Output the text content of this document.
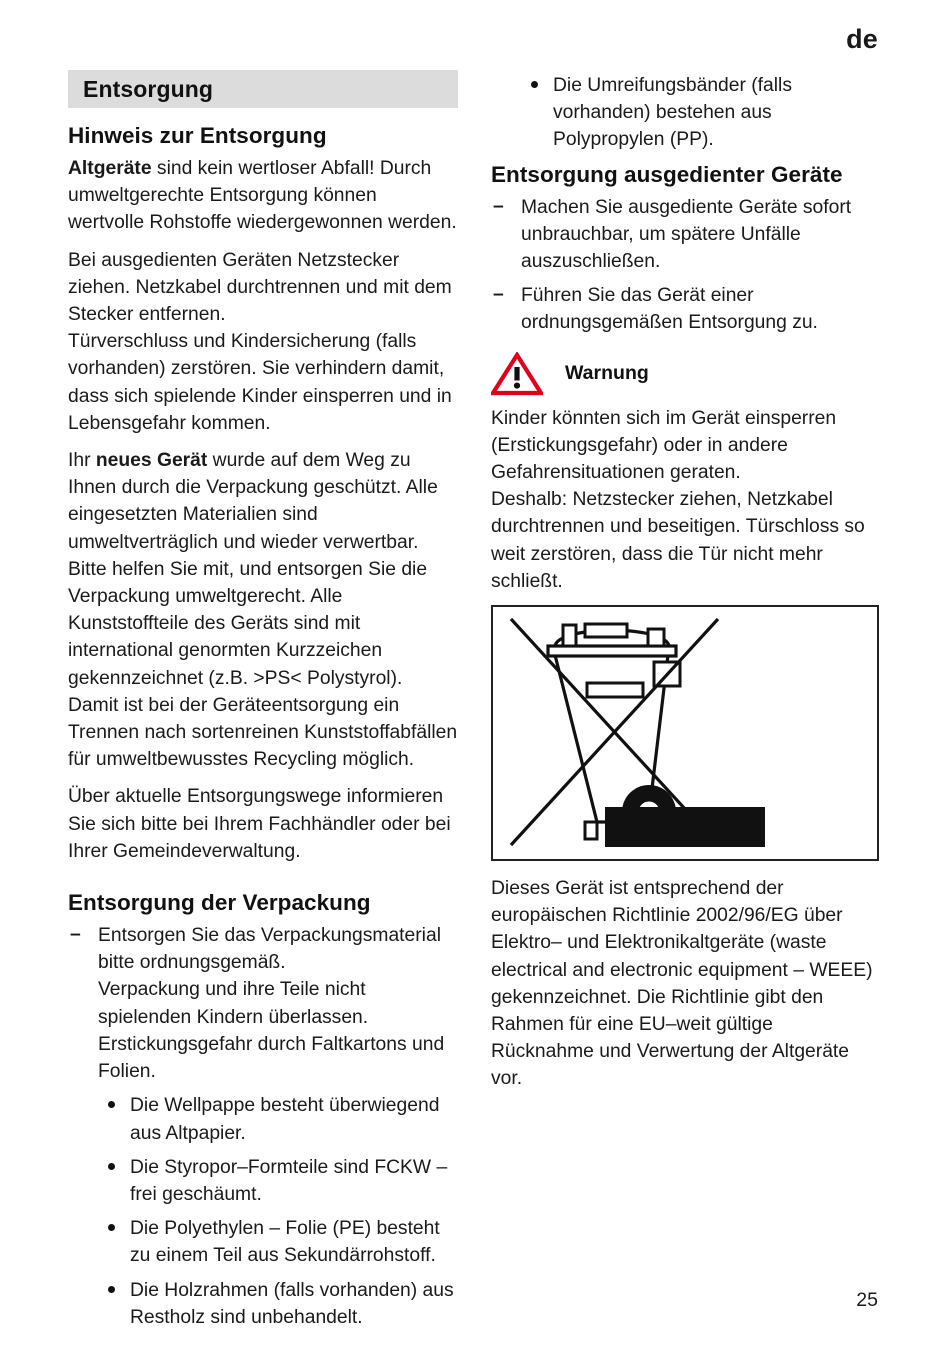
de
Entsorgung
Hinweis zur Entsorgung

Altgeräte sind kein wertloser Abfall! Durch umweltgerechte Entsorgung können wertvolle Rohstoffe wiedergewonnen werden.

Bei ausgedienten Geräten Netzstecker ziehen. Netzkabel durchtrennen und mit dem Stecker entfernen.

Türverschluss und Kindersicherung (falls vorhanden) zerstören. Sie verhindern damit, dass sich spielende Kinder einsperren und in Lebensgefahr kommen.

Ihr neues Gerät wurde auf dem Weg zu Ihnen durch die Verpackung geschützt. Alle eingesetzten Materialien sind umweltverträglich und wieder verwertbar. Bitte helfen Sie mit, und entsorgen Sie die Verpackung umweltgerecht. Alle Kunststoffteile des Geräts sind mit international genormten Kurzzeichen gekennzeichnet (z.B. >PS< Polystyrol). Damit ist bei der Geräteentsorgung ein Trennen nach sortenreinen Kunststoffabfällen für umweltbewusstes Recycling möglich.

Über aktuelle Entsorgungswege informieren Sie sich bitte bei Ihrem Fachhändler oder bei Ihrer Gemeindeverwaltung.

Entsorgung der Verpackung
– Entsorgen Sie das Verpackungsmaterial bitte ordnungsgemäß.
Verpackung und ihre Teile nicht spielenden Kindern überlassen. Erstickungsgefahr durch Faltkartons und Folien.
Die Wellpappe besteht überwiegend aus Altpapier.
Die Styropor–Formteile sind FCKW – frei geschäumt.
Die Polyethylen – Folie (PE) besteht zu einem Teil aus Sekundärrohstoff.
Die Holzrahmen (falls vorhanden) aus Restholz sind unbehandelt.
Die Umreifungsbänder (falls vorhanden) bestehen aus Polypropylen (PP).
Entsorgung ausgedienter Geräte
– Machen Sie ausgediente Geräte sofort unbrauchbar, um spätere Unfälle auszuschließen.
– Führen Sie das Gerät einer ordnungsgemäßen Entsorgung zu.
Warnung

Kinder könnten sich im Gerät einsperren (Erstickungsgefahr) oder in andere Gefahrensituationen geraten.

Deshalb: Netzstecker ziehen, Netzkabel durchtrennen und beseitigen. Türschloss so weit zerstören, dass die Tür nicht mehr schließt.

Dieses Gerät ist entsprechend der europäischen Richtlinie 2002/96/EG über Elektro– und Elektronikaltgeräte (waste electrical and electronic equipment – WEEE) gekennzeichnet. Die Richtlinie gibt den Rahmen für eine EU–weit gültige Rücknahme und Verwertung der Altgeräte vor.

25
